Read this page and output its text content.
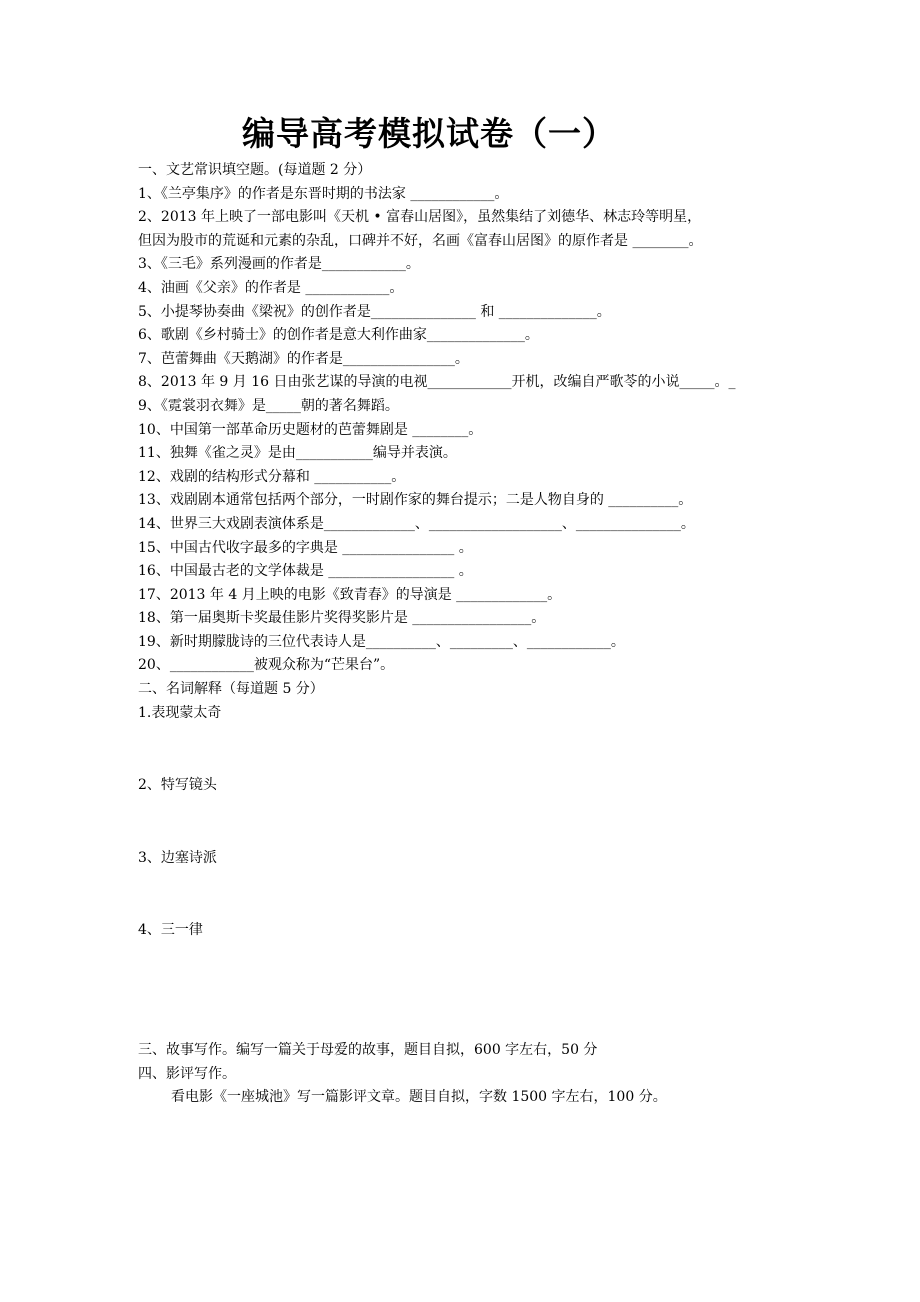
编导高考模拟试卷（一）
一、文艺常识填空题。(每道题 2 分）
1、《兰亭集序》的作者是东晋时期的书法家 ____________。
2、2013 年上映了一部电影叫《天机 • 富春山居图》，虽然集结了刘德华、林志玲等明星，
但因为股市的荒诞和元素的杂乱，口碑并不好，名画《富春山居图》的原作者是 ________。
3、《三毛》系列漫画的作者是____________。
4、油画《父亲》的作者是 ____________。
5、小提琴协奏曲《梁祝》的创作者是_______________ 和 ______________。
6、歌剧《乡村骑士》的创作者是意大利作曲家______________。
7、芭蕾舞曲《天鹅湖》的作者是________________。
8、2013 年 9 月 16 日由张艺谋的导演的电视____________开机，改编自严歌苓的小说_____。_
9、《霓裳羽衣舞》是_____朝的著名舞蹈。
10、中国第一部革命历史题材的芭蕾舞剧是 ________。
11、独舞《雀之灵》是由___________编导并表演。
12、戏剧的结构形式分幕和 ___________。
13、戏剧剧本通常包括两个部分，一时剧作家的舞台提示；二是人物自身的 __________。
14、世界三大戏剧表演体系是_____________、___________________、_______________。
15、中国古代收字最多的字典是 ________________ 。
16、中国最古老的文学体裁是 __________________ 。
17、2013 年 4 月上映的电影《致青春》的导演是 _____________。
18、第一届奥斯卡奖最佳影片奖得奖影片是 _________________。
19、新时期朦胧诗的三位代表诗人是__________、_________、____________。
20、____________被观众称为“芒果台”。
二、名词解释（每道题 5 分）
1.表现蒙太奇
2、特写镜头
3、边塞诗派
4、三一律
三、故事写作。编写一篇关于母爱的故事，题目自拟，600 字左右，50 分
四、影评写作。
看电影《一座城池》写一篇影评文章。题目自拟，字数 1500 字左右，100 分。
